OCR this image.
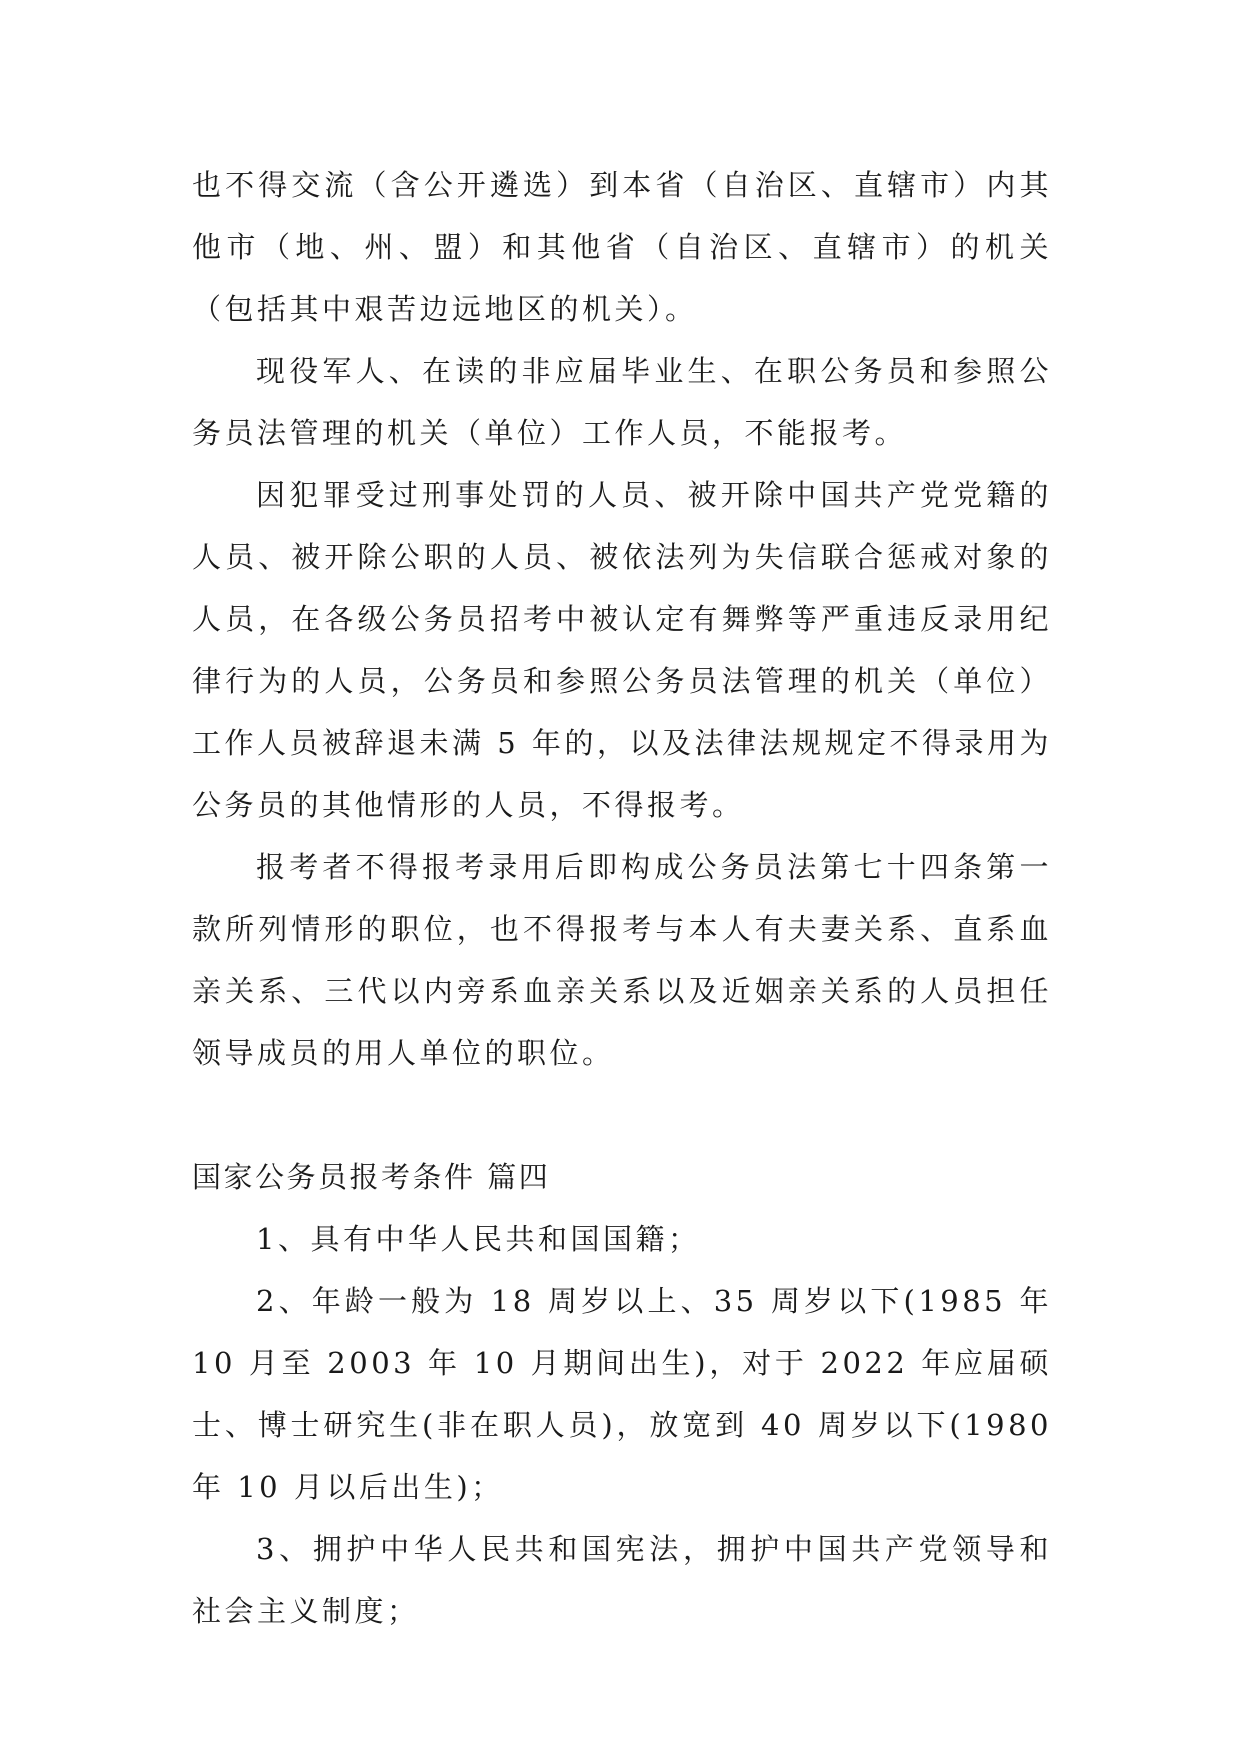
也不得交流（含公开遴选）到本省（自治区、直辖市）内其他市（地、州、盟）和其他省（自治区、直辖市）的机关（包括其中艰苦边远地区的机关）。

现役军人、在读的非应届毕业生、在职公务员和参照公务员法管理的机关（单位）工作人员，不能报考。

因犯罪受过刑事处罚的人员、被开除中国共产党党籍的人员、被开除公职的人员、被依法列为失信联合惩戒对象的人员，在各级公务员招考中被认定有舞弊等严重违反录用纪律行为的人员，公务员和参照公务员法管理的机关（单位）工作人员被辞退未满 5 年的，以及法律法规规定不得录用为公务员的其他情形的人员，不得报考。

报考者不得报考录用后即构成公务员法第七十四条第一款所列情形的职位，也不得报考与本人有夫妻关系、直系血亲关系、三代以内旁系血亲关系以及近姻亲关系的人员担任领导成员的用人单位的职位。

国家公务员报考条件 篇四

1、具有中华人民共和国国籍；

2、年龄一般为 18 周岁以上、35 周岁以下(1985 年 10 月至 2003 年 10 月期间出生)，对于 2022 年应届硕士、博士研究生(非在职人员)，放宽到 40 周岁以下(1980 年 10 月以后出生)；

3、拥护中华人民共和国宪法，拥护中国共产党领导和社会主义制度；
